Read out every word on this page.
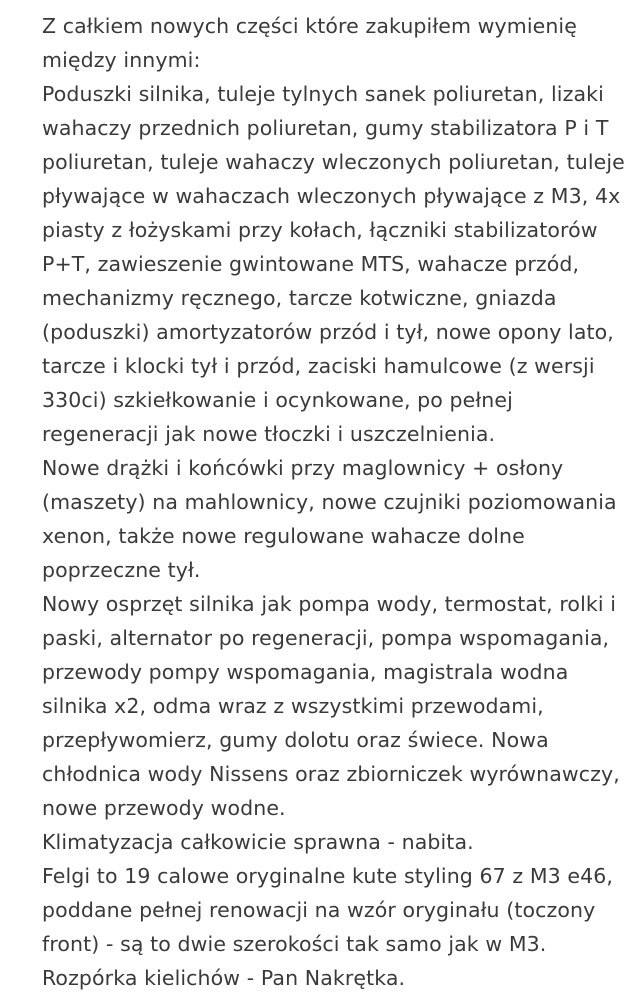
Z całkiem nowych części które zakupiłem wymienię
między innymi:
Poduszki silnika, tuleje tylnych sanek poliuretan, lizaki
wahaczy przednich poliuretan, gumy stabilizatora P i T
poliuretan, tuleje wahaczy wleczonych poliuretan, tuleje
pływające w wahaczach wleczonych pływające z M3, 4x
piasty z łożyskami przy kołach, łączniki stabilizatorów
P+T, zawieszenie gwintowane MTS, wahacze przód,
mechanizmy ręcznego, tarcze kotwiczne, gniazda
(poduszki) amortyzatorów przód i tył, nowe opony lato,
tarcze i klocki tył i przód, zaciski hamulcowe (z wersji
330ci) szkiełkowanie i ocynkowane, po pełnej
regeneracji jak nowe tłoczki i uszczelnienia.
Nowe drążki i końcówki przy maglownicy + osłony
(maszety) na mahlownicy, nowe czujniki poziomowania
xenon, także nowe regulowane wahacze dolne
poprzeczne tył.
Nowy osprzęt silnika jak pompa wody, termostat, rolki i
paski, alternator po regeneracji, pompa wspomagania,
przewody pompy wspomagania, magistrala wodna
silnika x2, odma wraz z wszystkimi przewodami,
przepływomierz, gumy dolotu oraz świece. Nowa
chłodnica wody Nissens oraz zbiorniczek wyrównawczy,
nowe przewody wodne.
Klimatyzacja całkowicie sprawna - nabita.
Felgi to 19 calowe oryginalne kute styling 67 z M3 e46,
poddane pełnej renowacji na wzór oryginału (toczony
front) - są to dwie szerokości tak samo jak w M3.
Rozpórka kielichów - Pan Nakrętka.
